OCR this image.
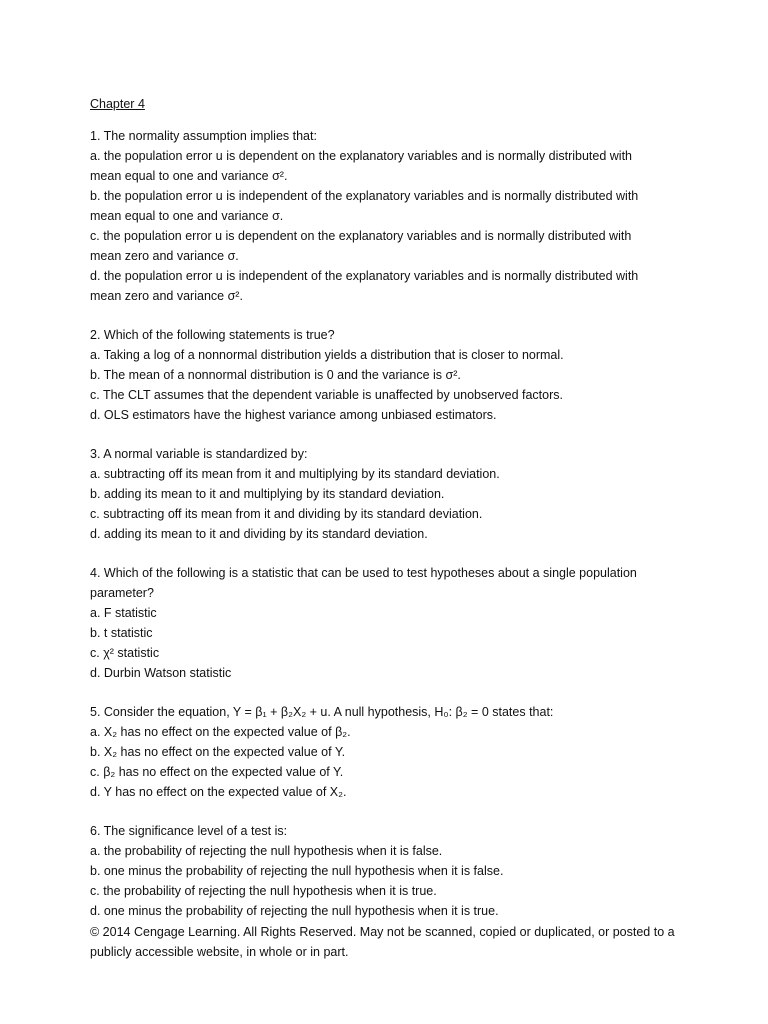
Chapter 4
1. The normality assumption implies that:
a. the population error u is dependent on the explanatory variables and is normally distributed with
mean equal to one and variance σ².
b. the population error u is independent of the explanatory variables and is normally distributed with
mean equal to one and variance σ.
c. the population error u is dependent on the explanatory variables and is normally distributed with
mean zero and variance σ.
d. the population error u is independent of the explanatory variables and is normally distributed with
mean zero and variance σ².
2. Which of the following statements is true?
a. Taking a log of a nonnormal distribution yields a distribution that is closer to normal.
b. The mean of a nonnormal distribution is 0 and the variance is σ².
c. The CLT assumes that the dependent variable is unaffected by unobserved factors.
d. OLS estimators have the highest variance among unbiased estimators.
3. A normal variable is standardized by:
a. subtracting off its mean from it and multiplying by its standard deviation.
b. adding its mean to it and multiplying by its standard deviation.
c. subtracting off its mean from it and dividing by its standard deviation.
d. adding its mean to it and dividing by its standard deviation.
4. Which of the following is a statistic that can be used to test hypotheses about a single population
parameter?
a. F statistic
b. t statistic
c. χ² statistic
d. Durbin Watson statistic
5. Consider the equation, Y = β₁ + β₂X₂ + u. A null hypothesis, H₀: β₂ = 0 states that:
a. X₂ has no effect on the expected value of β₂.
b. X₂ has no effect on the expected value of Y.
c. β₂ has no effect on the expected value of Y.
d. Y has no effect on the expected value of X₂.
6. The significance level of a test is:
a. the probability of rejecting the null hypothesis when it is false.
b. one minus the probability of rejecting the null hypothesis when it is false.
c. the probability of rejecting the null hypothesis when it is true.
d. one minus the probability of rejecting the null hypothesis when it is true.
© 2014 Cengage Learning. All Rights Reserved. May not be scanned, copied or duplicated, or posted to a
publicly accessible website, in whole or in part.
